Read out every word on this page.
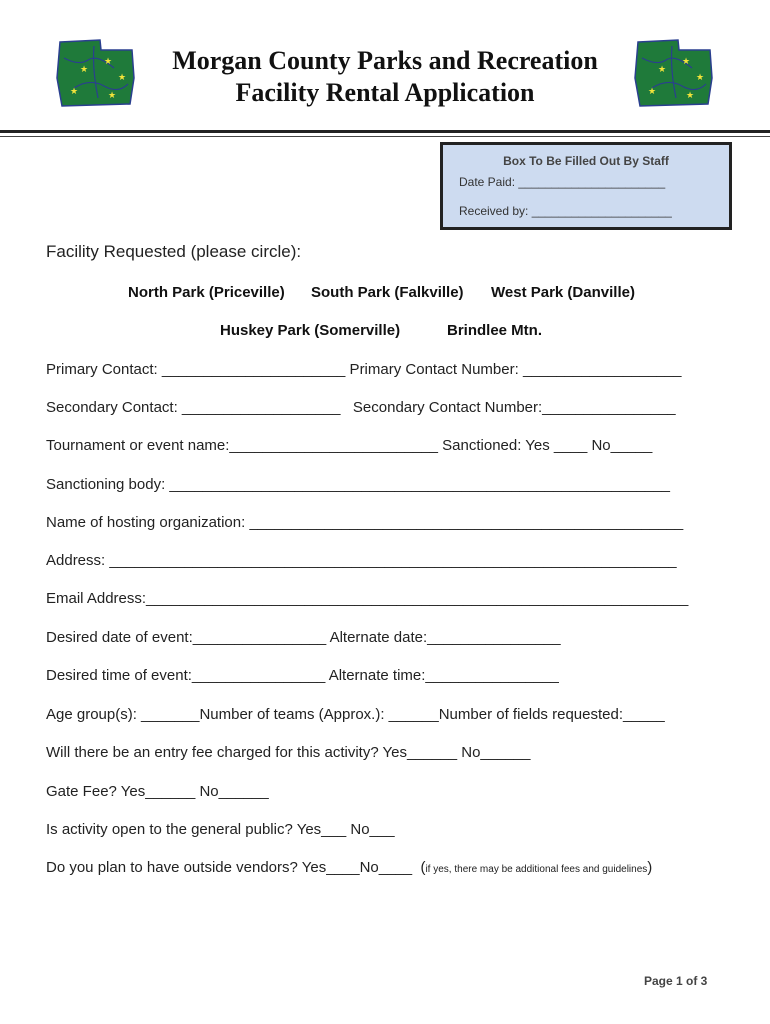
★
★
★	★
★
★
★
★	★
★
Morgan County Parks and Recreation
Facility Rental Application
Box To Be Filled Out By Staff
Date Paid: ______________________
Received by: _____________________
Facility Requested (please circle):
North Park (Priceville) South Park (Falkville) West Park (Danville)
Huskey Park (Somerville)	Brindlee Mtn.
Primary Contact: ______________________ Primary Contact Number: ___________________
Secondary Contact: ___________________   Secondary Contact Number:________________
Tournament or event name:_________________________ Sanctioned: Yes ____ No_____
Sanctioning body: ____________________________________________________________
Name of hosting organization: ____________________________________________________
Address: ____________________________________________________________________
Email Address:_________________________________________________________________
Desired date of event:________________ Alternate date:________________
Desired time of event:________________ Alternate time:________________
Age group(s): _______Number of teams (Approx.): ______Number of fields requested:_____
Will there be an entry fee charged for this activity? Yes______ No______
Gate Fee? Yes______ No______
Is activity open to the general public? Yes___ No___
Do you plan to have outside vendors? Yes____No____  (if yes, there may be additional fees and guidelines)
Page 1 of 3
